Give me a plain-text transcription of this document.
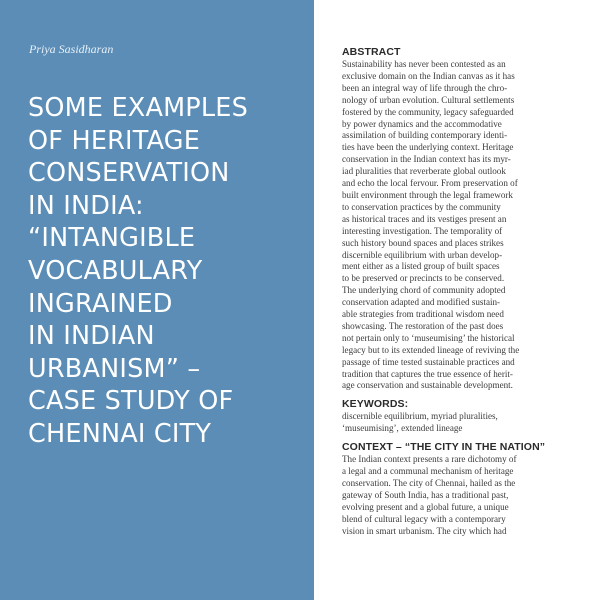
Priya Sasidharan
SOME EXAMPLES
OF HERITAGE
CONSERVATION
IN INDIA:
“INTANGIBLE
VOCABULARY
INGRAINED
IN INDIAN
URBANISM” –
CASE STUDY OF
CHENNAI CITY
ABSTRACT

Sustainability has never been contested as an
exclusive domain on the Indian canvas as it has
been an integral way of life through the chro-
nology of urban evolution. Cultural settlements
fostered by the community, legacy safeguarded
by power dynamics and the accommodative
assimilation of building contemporary identi-
ties have been the underlying context. Heritage
conservation in the Indian context has its myr-
iad pluralities that reverberate global outlook
and echo the local fervour. From preservation of
built environment through the legal framework
to conservation practices by the community
as historical traces and its vestiges present an
interesting investigation. The temporality of
such history bound spaces and places strikes
discernible equilibrium with urban develop-
ment either as a listed group of built spaces
to be preserved or precincts to be conserved.
The underlying chord of community adopted
conservation adapted and modified sustain-
able strategies from traditional wisdom need
showcasing. The restoration of the past does
not pertain only to ‘museumising’ the historical
legacy but to its extended lineage of reviving the
passage of time tested sustainable practices and
tradition that captures the true essence of herit-
age conservation and sustainable development.

KEYWORDS:

discernible equilibrium, myriad pluralities,
‘museumising’, extended lineage

CONTEXT – “THE CITY IN THE NATION”

The Indian context presents a rare dichotomy of
a legal and a communal mechanism of heritage
conservation. The city of Chennai, hailed as the
gateway of South India, has a traditional past,
evolving present and a global future, a unique
blend of cultural legacy with a contemporary
vision in smart urbanism. The city which had
